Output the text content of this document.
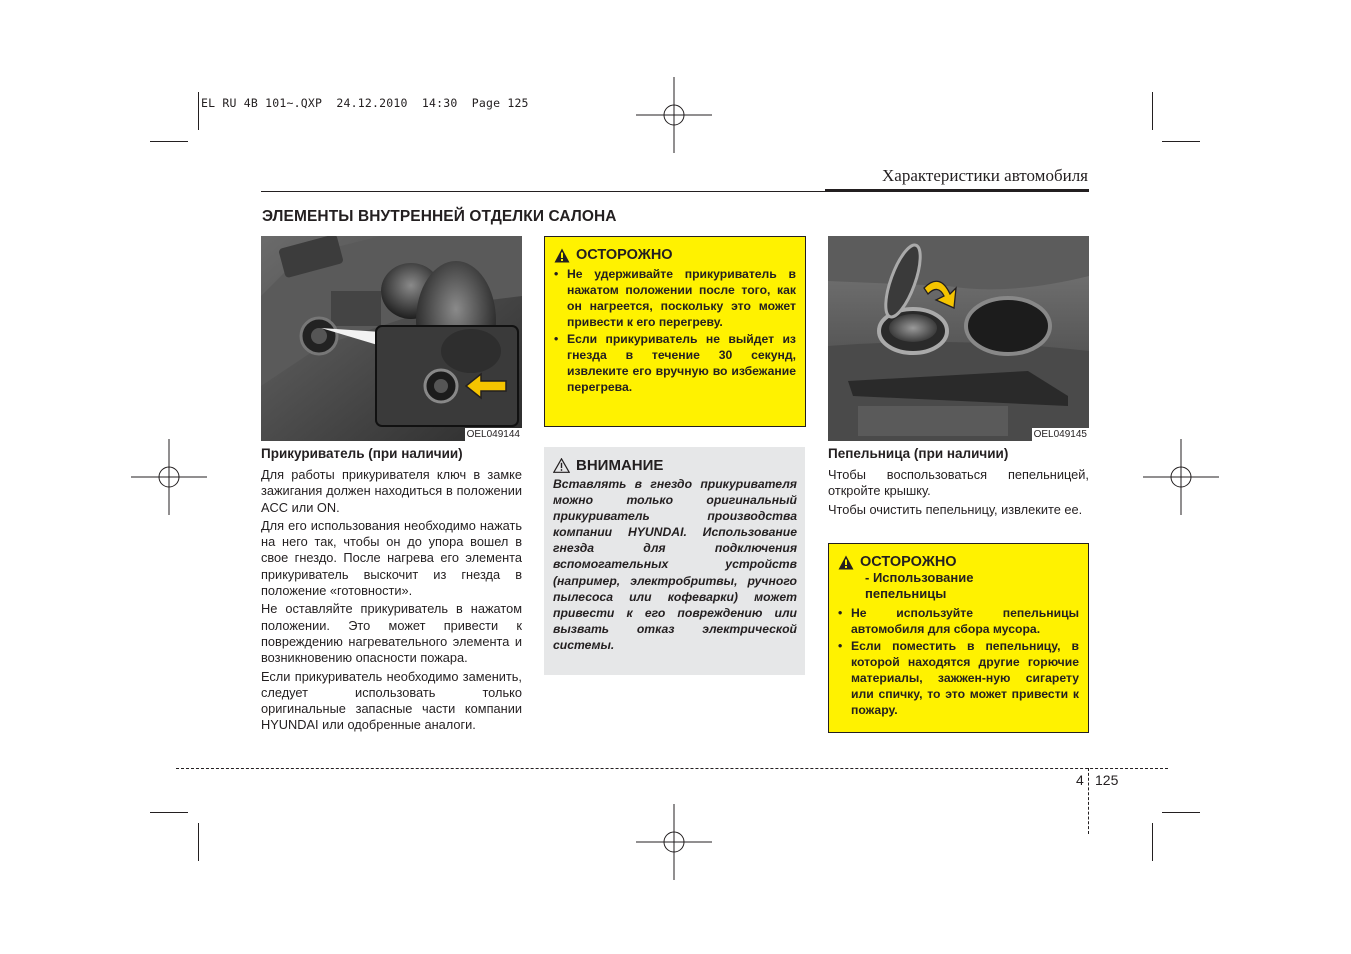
EL RU 4B 101~.QXP  24.12.2010  14:30  Page 125
Характеристики автомобиля
ЭЛЕМЕНТЫ ВНУТРЕННЕЙ ОТДЕЛКИ САЛОНА
OEL049144
Прикуриватель (при наличии)

Для работы прикуривателя ключ в замке зажигания должен находиться в положении ACC или ON.

Для его использования необходимо нажать на него так, чтобы он до упора вошел в свое гнездо. После нагрева его элемента прикуриватель выскочит из гнезда в положение «готовности».

Не оставляйте прикуриватель в нажатом положении. Это может привести к повреждению нагревательного элемента и возникновению опасности пожара.

Если прикуриватель необходимо заменить, следует использовать только оригинальные запасные части компании HYUNDAI или одобренные аналоги.

ОСТОРОЖНО
• Не удерживайте прикуриватель в нажатом положении после того, как он нагреется, поскольку это может привести к его перегреву.
• Если прикуриватель не выйдет из гнезда в течение 30 секунд, извлеките его вручную во избежание перегрева.
ВНИМАНИЕ
Вставлять в гнездо прикуривателя можно только оригинальный прикуриватель производства компании HYUNDAI. Использование гнезда для подключения вспомогательных устройств (например, электробритвы, ручного пылесоса или кофеварки) может привести к его повреждению или вызвать отказ электрической системы.
OEL049145
Пепельница (при наличии)

Чтобы воспользоваться пепельницей, откройте крышку.

Чтобы очистить пепельницу, извлеките ее.

ОСТОРОЖНО
- Использование пепельницы
• Не используйте пепельницы автомобиля для сбора мусора.
• Если поместить в пепельницу, в которой находятся другие горючие материалы, зажжен-ную сигарету или спичку, то это может привести к пожару.
4 125
